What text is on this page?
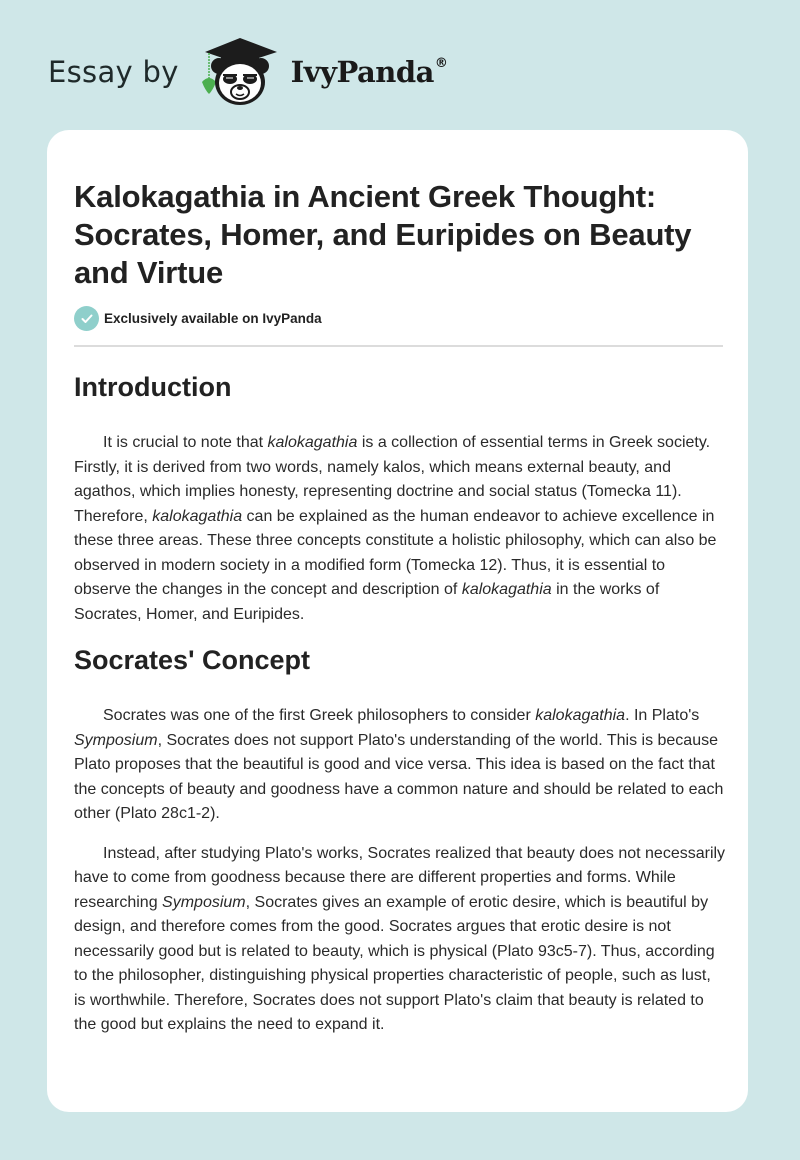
Essay by	IvyPanda®
Kalokagathia in Ancient Greek Thought: Socrates, Homer, and Euripides on Beauty and Virtue
Exclusively available on IvyPanda
Introduction

It is crucial to note that kalokagathia is a collection of essential terms in Greek society. Firstly, it is derived from two words, namely kalos, which means external beauty, and agathos, which implies honesty, representing doctrine and social status (Tomecka 11). Therefore, kalokagathia can be explained as the human endeavor to achieve excellence in these three areas. These three concepts constitute a holistic philosophy, which can also be observed in modern society in a modified form (Tomecka 12). Thus, it is essential to observe the changes in the concept and description of kalokagathia in the works of Socrates, Homer, and Euripides.

Socrates' Concept

Socrates was one of the first Greek philosophers to consider kalokagathia. In Plato's Symposium, Socrates does not support Plato's understanding of the world. This is because Plato proposes that the beautiful is good and vice versa. This idea is based on the fact that the concepts of beauty and goodness have a common nature and should be related to each other (Plato 28c1-2).

Instead, after studying Plato's works, Socrates realized that beauty does not necessarily have to come from goodness because there are different properties and forms. While researching Symposium, Socrates gives an example of erotic desire, which is beautiful by design, and therefore comes from the good. Socrates argues that erotic desire is not necessarily good but is related to beauty, which is physical (Plato 93c5-7). Thus, according to the philosopher, distinguishing physical properties characteristic of people, such as lust, is worthwhile. Therefore, Socrates does not support Plato's claim that beauty is related to the good but explains the need to expand it.
